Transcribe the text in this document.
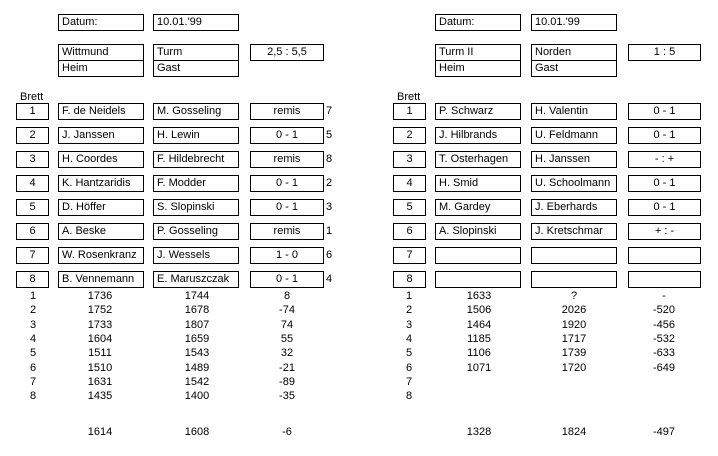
Datum:	10.01.'99
Wittmund	Turm	2,5 : 5,5
Heim	Gast
Brett
1	F. de Neidels	M. Gosseling	remis	7
2	J. Janssen	H. Lewin	0 - 1	5
3	H. Coordes	F. Hildebrecht	remis	8
4	K. Hantzaridis	F. Modder	0 - 1	2
5	D. Höffer	S. Slopinski	0 - 1	3
6	A. Beske	P. Gosseling	remis	1
7	W. Rosenkranz	J. Wessels	1 - 0	6
8	B. Vennemann	E. Maruszczak	0 - 1	4
1	1736	1744	8
2	1752	1678	-74
3	1733	1807	74
4	1604	1659	55
5	1511	1543	32
6	1510	1489	-21
7	1631	1542	-89
8	1435	1400	-35
1614	1608	-6
Datum:	10.01.'99
Turm II	Norden	1 : 5
Heim	Gast
Brett
1	P. Schwarz	H. Valentin	0 - 1
2	J. Hilbrands	U. Feldmann	0 - 1
3	T. Osterhagen	H. Janssen	- : +
4	H. Smid	U. Schoolmann	0 - 1
5	M. Gardey	J. Eberhards	0 - 1
6	A. Slopinski	J. Kretschmar	+ : -
7
8
1	1633	?	-
2	1506	2026	-520
3	1464	1920	-456
4	1185	1717	-532
5	1106	1739	-633
6	1071	1720	-649
7
8
1328	1824	-497
